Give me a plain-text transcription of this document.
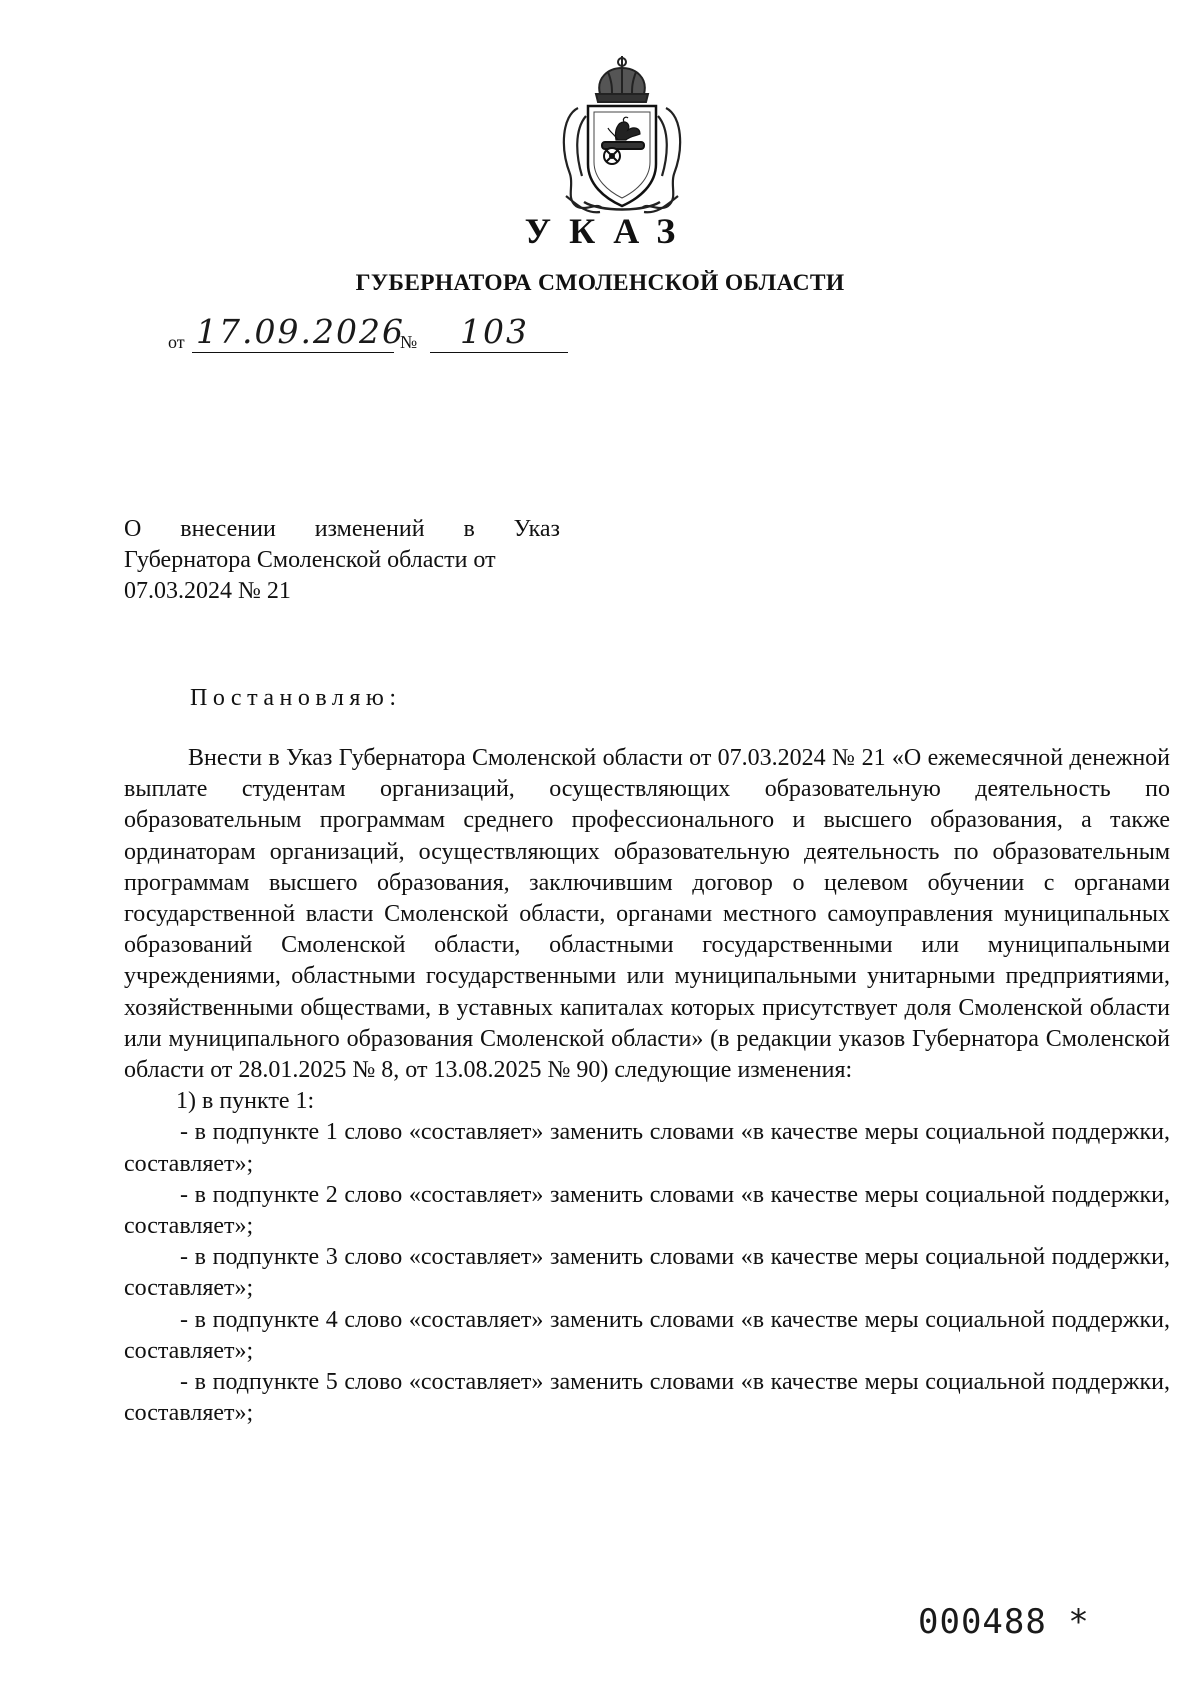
УКАЗ
ГУБЕРНАТОРА СМОЛЕНСКОЙ ОБЛАСТИ
от 17.09.2026
№ 103
О внесении изменений в Указ
Губернатора Смоленской области от
07.03.2024 № 21
Постановляю:

Внести в Указ Губернатора Смоленской области от 07.03.2024 № 21 «О ежемесячной денежной выплате студентам организаций, осуществляющих образовательную деятельность по образовательным программам среднего профессионального и высшего образования, а также ординаторам организаций, осуществляющих образовательную деятельность по образовательным программам высшего образования, заключившим договор о целевом обучении с органами государственной власти Смоленской области, органами местного самоуправления муниципальных образований Смоленской области, областными государственными или муниципальными учреждениями, областными государственными или муниципальными унитарными предприятиями, хозяйственными обществами, в уставных капиталах которых присутствует доля Смоленской области или муниципального образования Смоленской области» (в редакции указов Губернатора Смоленской области от 28.01.2025 № 8, от 13.08.2025 № 90) следующие изменения:

1) в пункте 1:

- в подпункте 1 слово «составляет» заменить словами «в качестве меры социальной поддержки, составляет»;

- в подпункте 2 слово «составляет» заменить словами «в качестве меры социальной поддержки, составляет»;

- в подпункте 3 слово «составляет» заменить словами «в качестве меры социальной поддержки, составляет»;

- в подпункте 4 слово «составляет» заменить словами «в качестве меры социальной поддержки, составляет»;

- в подпункте 5 слово «составляет» заменить словами «в качестве меры социальной поддержки, составляет»;

000488 *
